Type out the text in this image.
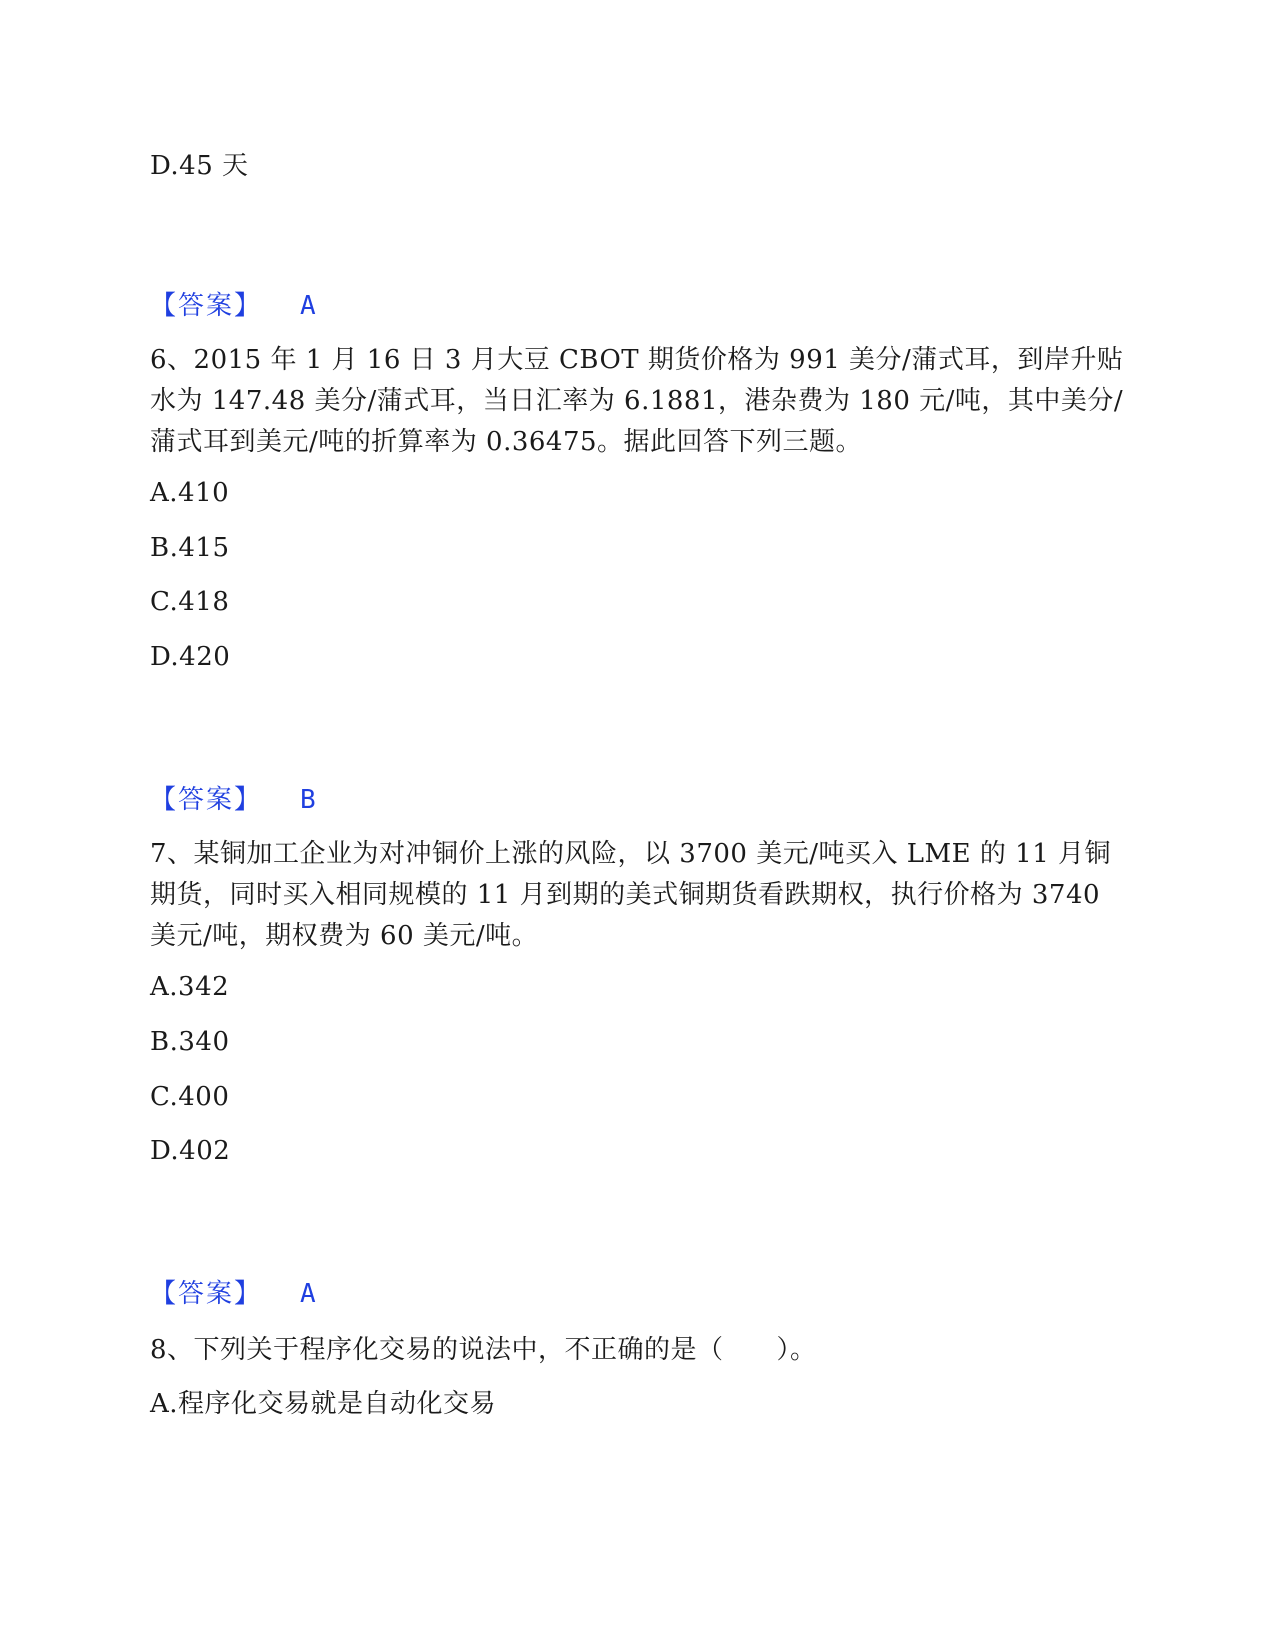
D.45 天
【答案】 A
6、2015 年 1 月 16 日 3 月大豆 CBOT 期货价格为 991 美分/蒲式耳，到岸升贴水为 147.48 美分/蒲式耳，当日汇率为 6.1881，港杂费为 180 元/吨，其中美分/蒲式耳到美元/吨的折算率为 0.36475。据此回答下列三题。
A.410
B.415
C.418
D.420
【答案】 B
7、某铜加工企业为对冲铜价上涨的风险，以 3700 美元/吨买入 LME 的 11 月铜期货，同时买入相同规模的 11 月到期的美式铜期货看跌期权，执行价格为 3740 美元/吨，期权费为 60 美元/吨。
A.342
B.340
C.400
D.402
【答案】 A
8、下列关于程序化交易的说法中，不正确的是（　　）。
A.程序化交易就是自动化交易
